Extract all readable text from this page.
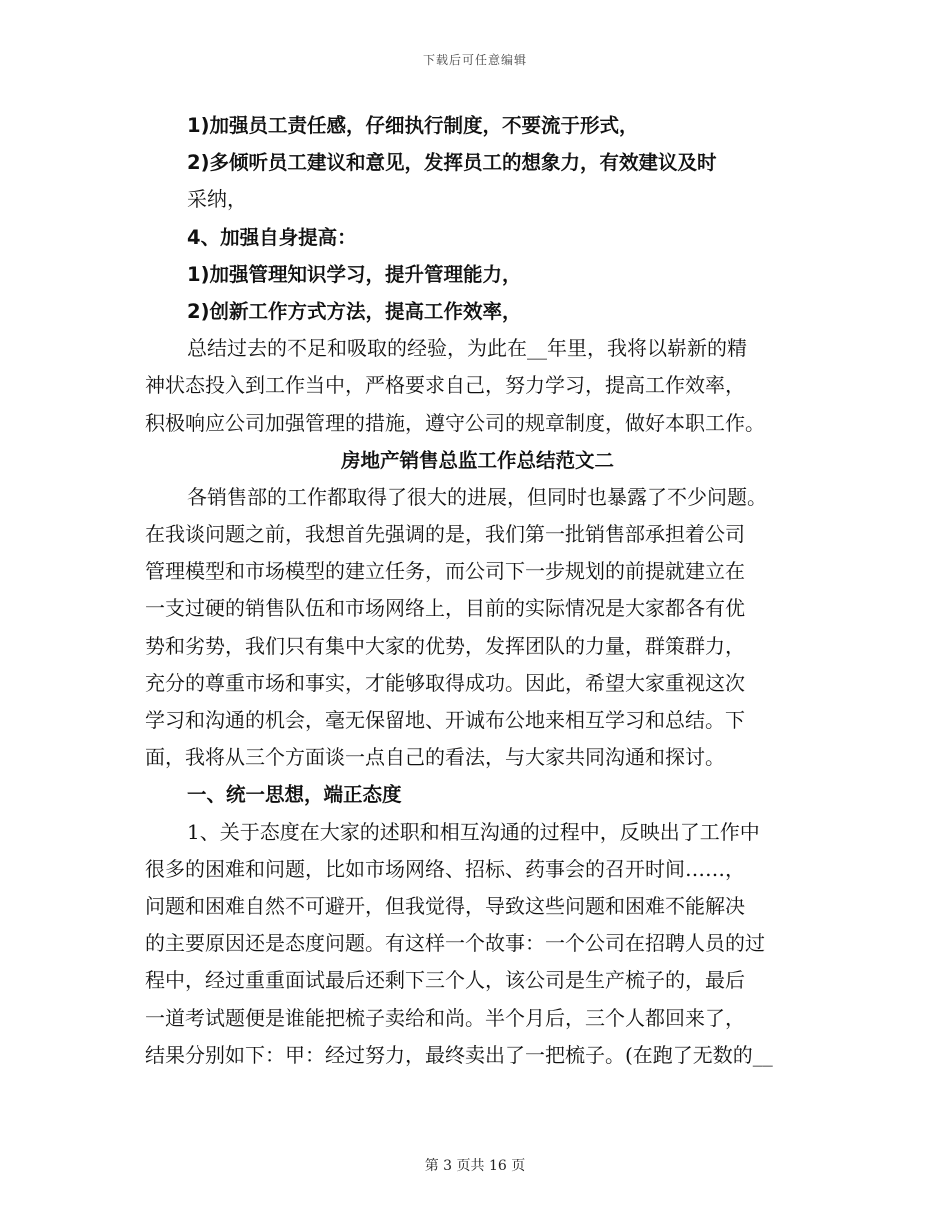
下载后可任意编辑
1)加强员工责任感，仔细执行制度，不要流于形式，
2)多倾听员工建议和意见，发挥员工的想象力，有效建议及时
采纳，
4、加强自身提高：
1)加强管理知识学习，提升管理能力，
2)创新工作方式方法，提高工作效率，
总结过去的不足和吸取的经验，为此在__年里，我将以崭新的精
神状态投入到工作当中，严格要求自己，努力学习，提高工作效率，
积极响应公司加强管理的措施，遵守公司的规章制度，做好本职工作。
房地产销售总监工作总结范文二
各销售部的工作都取得了很大的进展，但同时也暴露了不少问题。
在我谈问题之前，我想首先强调的是，我们第一批销售部承担着公司
管理模型和市场模型的建立任务，而公司下一步规划的前提就建立在
一支过硬的销售队伍和市场网络上，目前的实际情况是大家都各有优
势和劣势，我们只有集中大家的优势，发挥团队的力量，群策群力，
充分的尊重市场和事实，才能够取得成功。因此，希望大家重视这次
学习和沟通的机会，毫无保留地、开诚布公地来相互学习和总结。下
面，我将从三个方面谈一点自己的看法，与大家共同沟通和探讨。
一、统一思想，端正态度
1、关于态度在大家的述职和相互沟通的过程中，反映出了工作中
很多的困难和问题，比如市场网络、招标、药事会的召开时间……，
问题和困难自然不可避开，但我觉得，导致这些问题和困难不能解决
的主要原因还是态度问题。有这样一个故事：一个公司在招聘人员的过
程中，经过重重面试最后还剩下三个人，该公司是生产梳子的，最后
一道考试题便是谁能把梳子卖给和尚。半个月后，三个人都回来了，
结果分别如下：甲：经过努力，最终卖出了一把梳子。(在跑了无数的__
第 3 页共 16 页
